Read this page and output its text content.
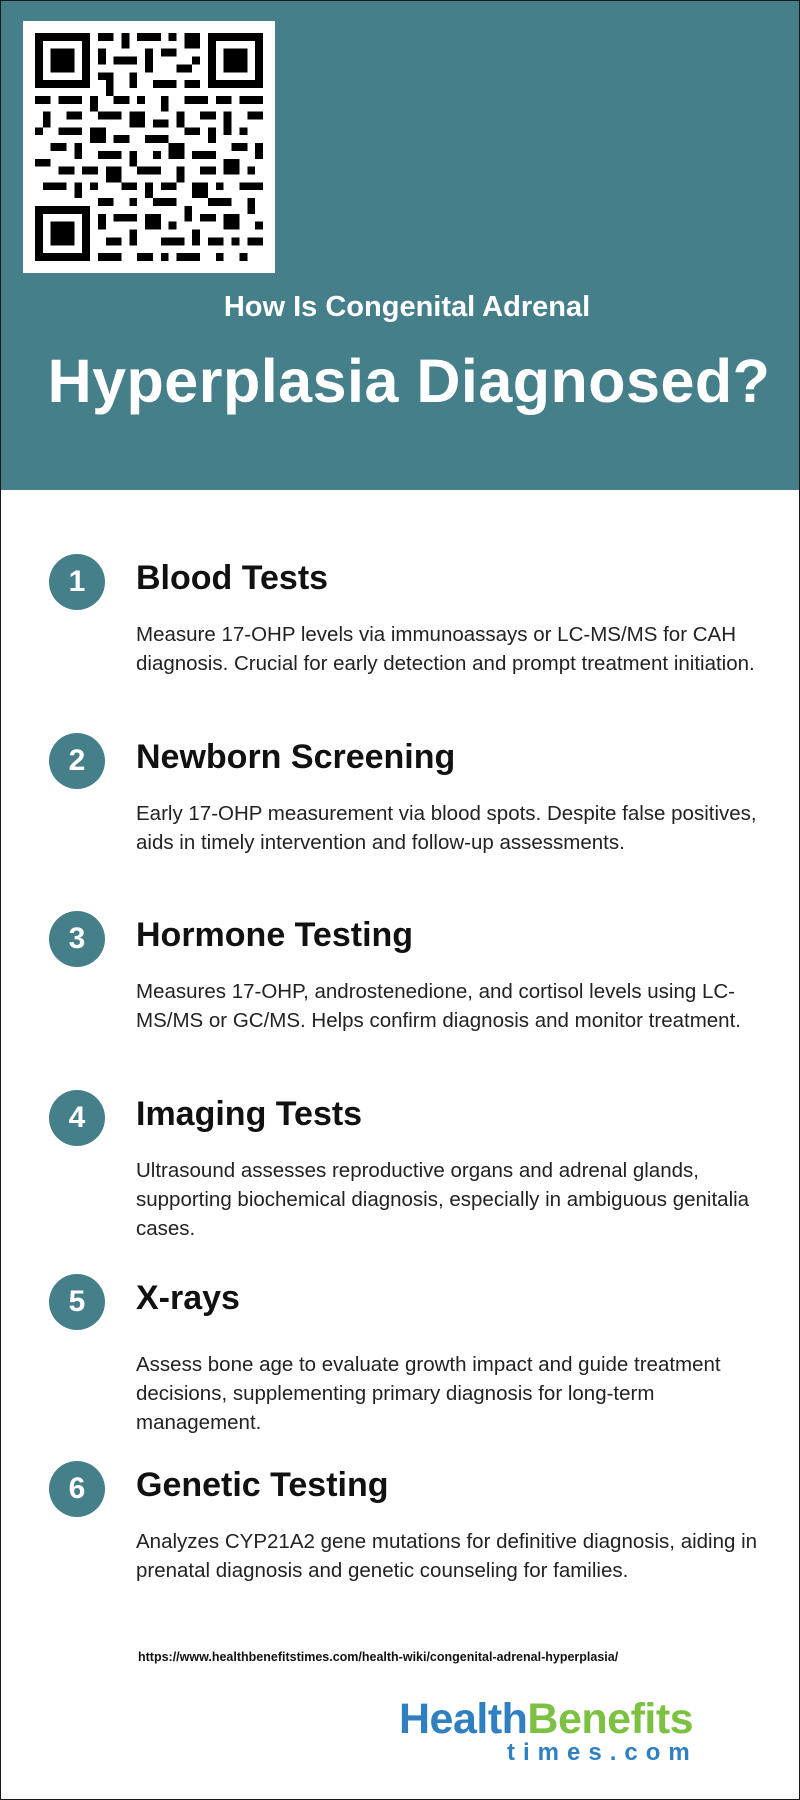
How Is Congenital Adrenal
Hyperplasia Diagnosed?
1	Blood Tests
Measure 17-OHP levels via immunoassays or LC-MS/MS for CAH diagnosis. Crucial for early detection and prompt treatment initiation.
2	Newborn Screening
Early 17-OHP measurement via blood spots. Despite false positives, aids in timely intervention and follow-up assessments.
3	Hormone Testing
Measures 17-OHP, androstenedione, and cortisol levels using LC-MS/MS or GC/MS. Helps confirm diagnosis and monitor treatment.
4	Imaging Tests
Ultrasound assesses reproductive organs and adrenal glands, supporting biochemical diagnosis, especially in ambiguous genitalia cases.
5	X-rays
Assess bone age to evaluate growth impact and guide treatment decisions, supplementing primary diagnosis for long-term management.
6	Genetic Testing
Analyzes CYP21A2 gene mutations for definitive diagnosis, aiding in prenatal diagnosis and genetic counseling for families.
https://www.healthbenefitstimes.com/health-wiki/congenital-adrenal-hyperplasia/
HealthBenefits
times.com
